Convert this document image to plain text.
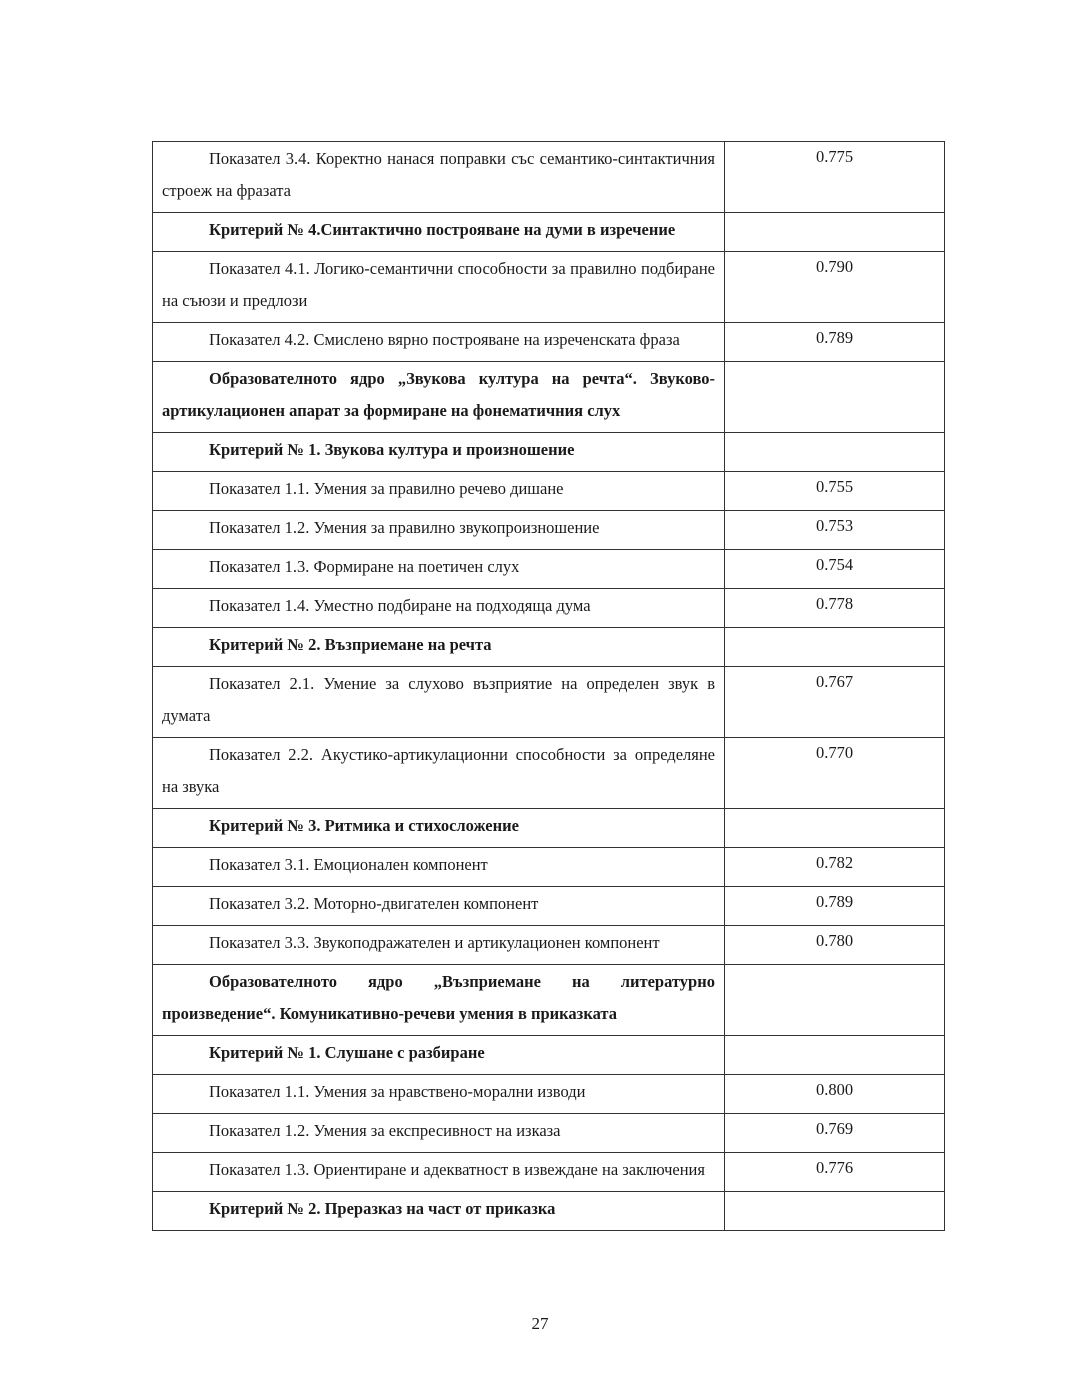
Показател 3.4. Коректно нанася поправки със семантико-синтактичния строеж на фразата	0.775
Критерий № 4.Синтактично построяване на думи в изречение	
Показател 4.1. Логико-семантични способности за правилно подбиране на съюзи и предлози	0.790
Показател 4.2. Смислено вярно построяване на изреченската фраза	0.789
Образователното ядро „Звукова култура на речта“. Звуково-артикулационен апарат за формиране на фонематичния слух	
Критерий № 1. Звукова култура и произношение	
Показател 1.1. Умения за правилно речево дишане	0.755
Показател 1.2. Умения за правилно звукопроизношение	0.753
Показател 1.3. Формиране на поетичен слух	0.754
Показател 1.4. Уместно подбиране на подходяща дума	0.778
Критерий № 2. Възприемане на речта	
Показател 2.1. Умение за слухово възприятие на определен звук в думата	0.767
Показател 2.2. Акустико-артикулационни способности за определяне на звука	0.770
Критерий № 3. Ритмика и стихосложение	
Показател 3.1. Емоционален компонент	0.782
Показател 3.2. Моторно-двигателен компонент	0.789
Показател 3.3. Звукоподражателен и артикулационен компонент	0.780
Образователното ядро „Възприемане на литературно произведение“. Комуникативно-речеви умения в приказката	
Критерий № 1. Слушане с разбиране	
Показател 1.1. Умения за нравствено-морални изводи	0.800
Показател 1.2. Умения за експресивност на изказа	0.769
Показател 1.3. Ориентиране и адекватност в извеждане на заключения	0.776
Критерий № 2. Преразказ на част от приказка	
27
